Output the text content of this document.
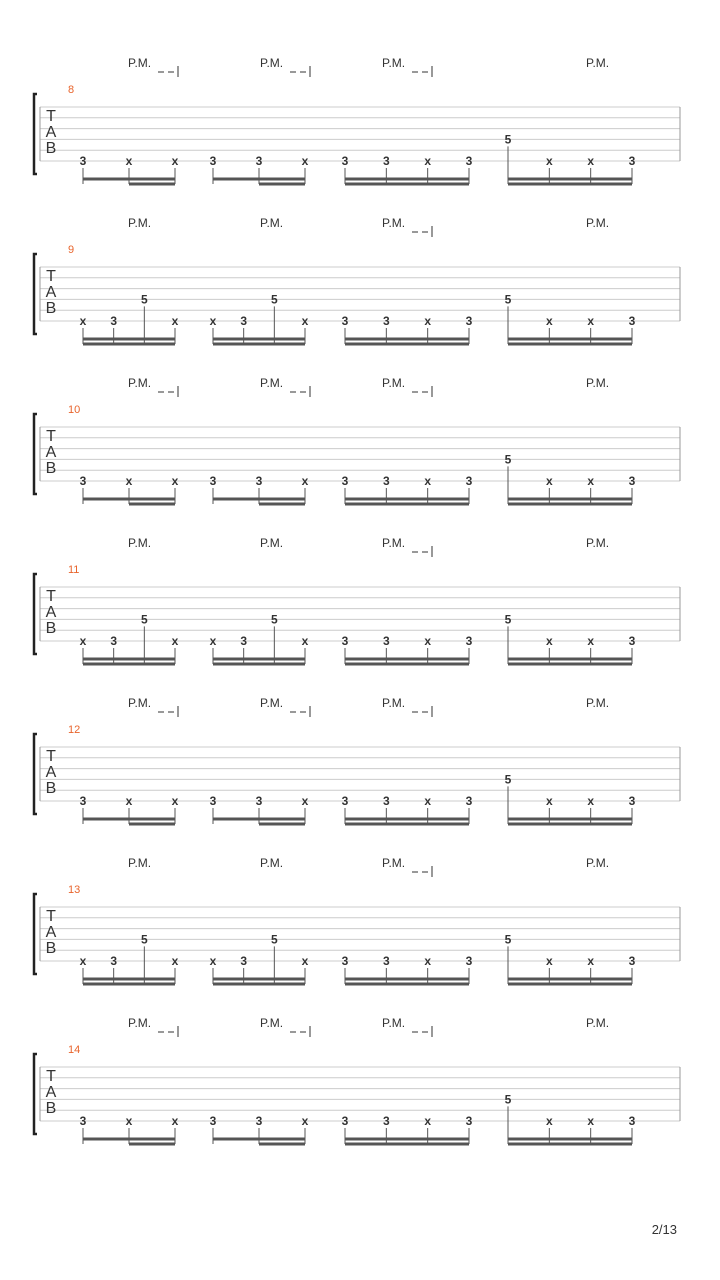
8
T
A
B
P.M.	P.M.	P.M.	P.M.
3	x	x	3	3	x	3	3	x	3
5
x	x	3
9
T
A
B
P.M.	P.M.	P.M.	P.M.
x 3
5
x	x 3
5
x	3	3	x	3
5
x	x	3
10
T
A
B
P.M.	P.M.	P.M.	P.M.
3	x	x	3	3	x	3	3	x	3
5
x	x	3
11
T
A
B
P.M.	P.M.	P.M.	P.M.
x 3
5
x	x 3
5
x	3	3	x	3
5
x	x	3
12
T
A
B
P.M.	P.M.	P.M.	P.M.
3	x	x	3	3	x	3	3	x	3
5
x	x	3
13
T
A
B
P.M.	P.M.	P.M.	P.M.
x 3
5
x	x 3
5
x	3	3	x	3
5
x	x	3
14
T
A
B
P.M.	P.M.	P.M.	P.M.
3	x	x	3	3	x	3	3	x	3
5
x	x	3
2/13
